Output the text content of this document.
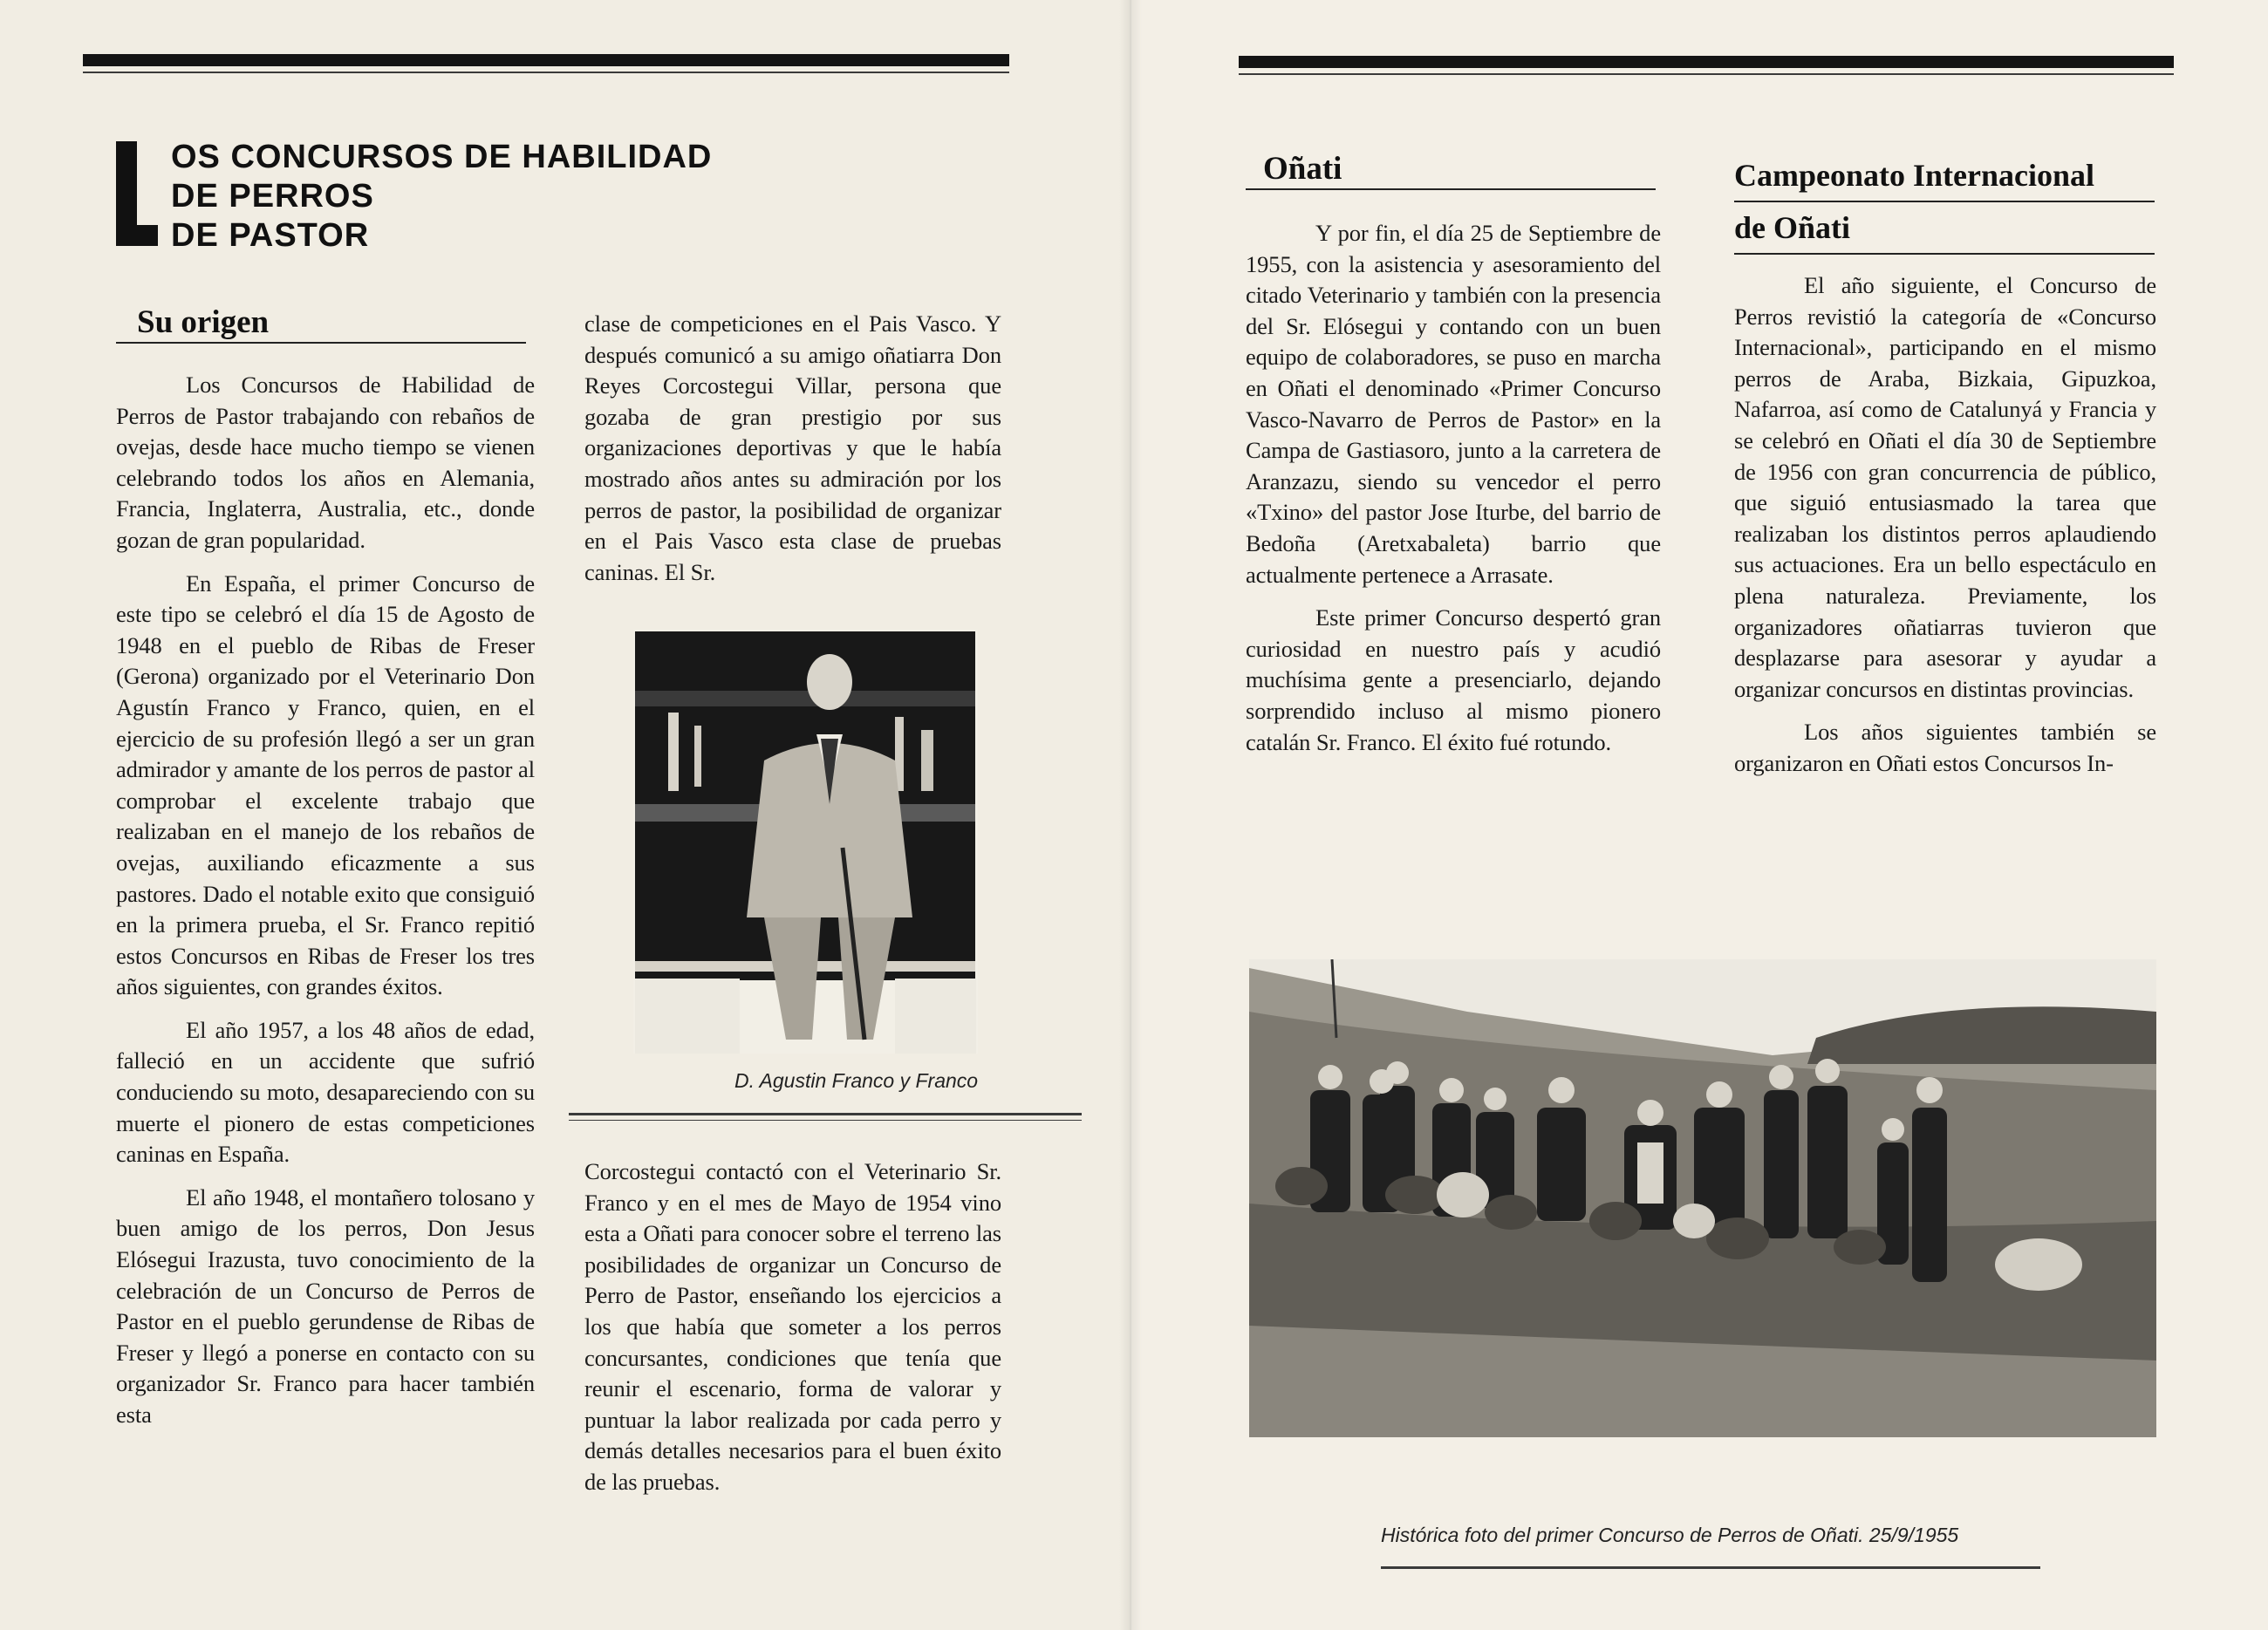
OS CONCURSOS DE HABILIDAD
DE PERROS
DE PASTOR
Su origen

Los Concursos de Habilidad de Perros de Pastor trabajando con rebaños de ovejas, desde hace mucho tiempo se vienen celebrando todos los años en Alemania, Francia, Inglaterra, Australia, etc., donde gozan de gran popularidad.

En España, el primer Concurso de este tipo se celebró el día 15 de Agosto de 1948 en el pueblo de Ribas de Freser (Gerona) organizado por el Veterinario Don Agustín Franco y Franco, quien, en el ejercicio de su profesión llegó a ser un gran admirador y amante de los perros de pastor al comprobar el excelente trabajo que realizaban en el manejo de los rebaños de ovejas, auxiliando eficazmente a sus pastores. Dado el notable exito que consiguió en la primera prueba, el Sr. Franco repitió estos Concursos en Ribas de Freser los tres años siguientes, con grandes éxitos.

El año 1957, a los 48 años de edad, falleció en un accidente que sufrió conduciendo su moto, desapareciendo con su muerte el pionero de estas competiciones caninas en España.

El año 1948, el montañero tolosano y buen amigo de los perros, Don Jesus Elósegui Irazusta, tuvo conocimiento de la celebración de un Concurso de Perros de Pastor en el pueblo gerundense de Ribas de Freser y llegó a ponerse en contacto con su organizador Sr. Franco para hacer también esta

clase de competiciones en el Pais Vasco. Y después comunicó a su amigo oñatiarra Don Reyes Corcostegui Villar, persona que gozaba de gran prestigio por sus organizaciones deportivas y que le había mostrado años antes su admiración por los perros de pastor, la posibilidad de organizar en el Pais Vasco esta clase de pruebas caninas. El Sr.

D. Agustin Franco y Franco

Corcostegui contactó con el Veterinario Sr. Franco y en el mes de Mayo de 1954 vino esta a Oñati para conocer sobre el terreno las posibilidades de organizar un Concurso de Perro de Pastor, enseñando los ejercicios a los que había que someter a los perros concursantes, condiciones que tenía que reunir el escenario, forma de valorar y puntuar la labor realizada por cada perro y demás detalles necesarios para el buen éxito de las pruebas.

Oñati

Y por fin, el día 25 de Septiembre de 1955, con la asistencia y asesoramiento del citado Veterinario y también con la presencia del Sr. Elósegui y contando con un buen equipo de colaboradores, se puso en marcha en Oñati el denominado «Primer Concurso Vasco-Navarro de Perros de Pastor» en la Campa de Gastiasoro, junto a la carretera de Aranzazu, siendo su vencedor el perro «Txino» del pastor Jose Iturbe, del barrio de Bedoña (Aretxabaleta) barrio que actualmente pertenece a Arrasate.

Este primer Concurso despertó gran curiosidad en nuestro país y acudió muchísima gente a presenciarlo, dejando sorprendido incluso al mismo pionero catalán Sr. Franco. El éxito fué rotundo.

Campeonato Internacional
de Oñati

El año siguiente, el Concurso de Perros revistió la categoría de «Concurso Internacional», participando en el mismo perros de Araba, Bizkaia, Gipuzkoa, Nafarroa, así como de Catalunyá y Francia y se celebró en Oñati el día 30 de Septiembre de 1956 con gran concurrencia de público, que siguió entusiasmado la tarea que realizaban los distintos perros aplaudiendo sus actuaciones. Era un bello espectáculo en plena naturaleza. Previamente, los organizadores oñatiarras tuvieron que desplazarse para asesorar y ayudar a organizar concursos en distintas provincias.

Los años siguientes también se organizaron en Oñati estos Concursos In-

Histórica foto del primer Concurso de Perros de Oñati. 25/9/1955
